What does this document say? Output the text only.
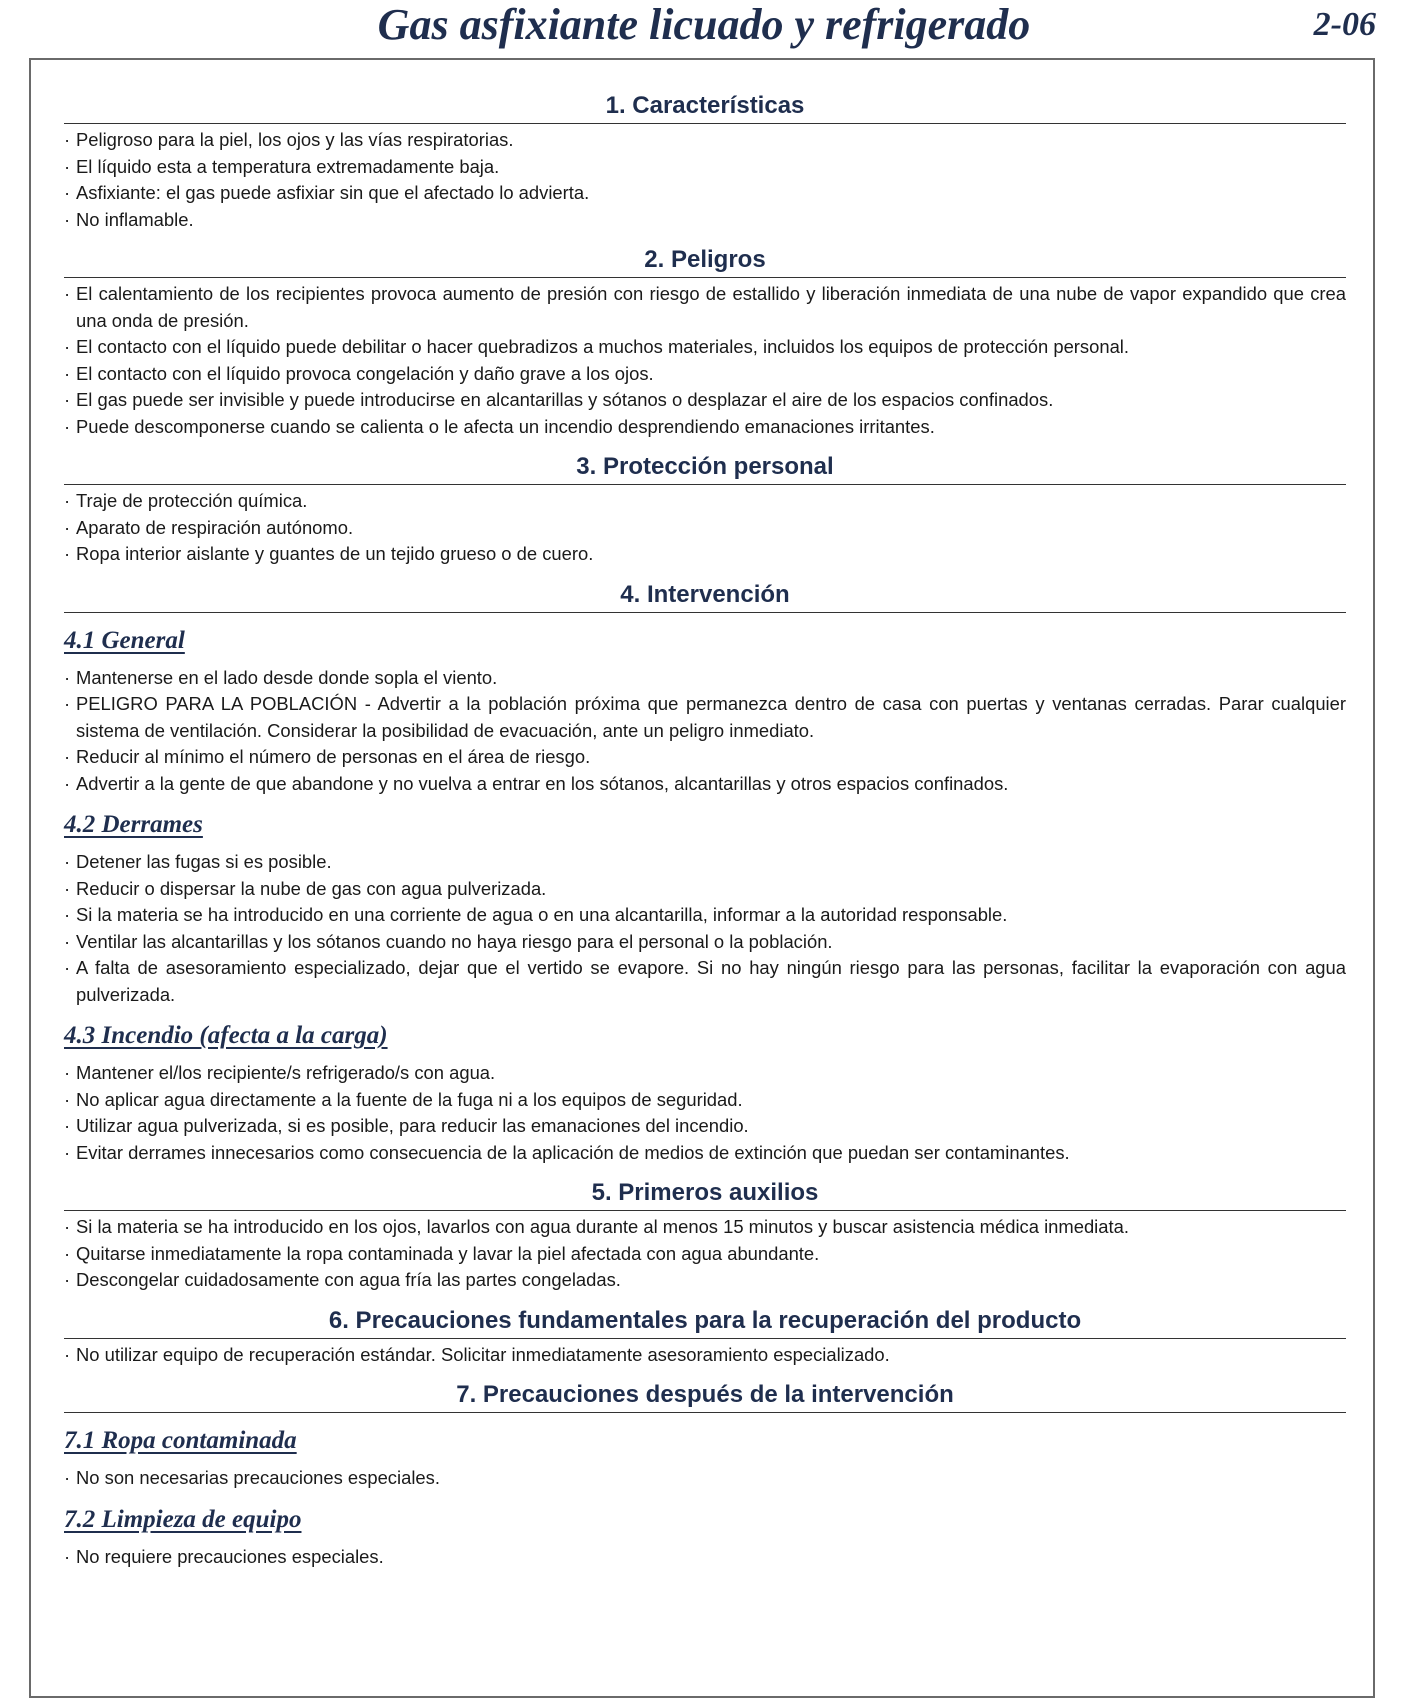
Gas asfixiante licuado y refrigerado	2-06
1. Características
· Peligroso para la piel, los ojos y las vías respiratorias.
· El líquido esta a temperatura extremadamente baja.
· Asfixiante: el gas puede asfixiar sin que el afectado lo advierta.
· No inflamable.
2. Peligros
· El calentamiento de los recipientes provoca aumento de presión con riesgo de estallido y liberación inmediata de una nube de vapor expandido que crea una onda de presión.
· El contacto con el líquido puede debilitar o hacer quebradizos a muchos materiales, incluidos los equipos de protección personal.
· El contacto con el líquido provoca congelación y daño grave a los ojos.
· El gas puede ser invisible y puede introducirse en alcantarillas y sótanos o desplazar el aire de los espacios confinados.
· Puede descomponerse cuando se calienta o le afecta un incendio desprendiendo emanaciones irritantes.
3. Protección personal
· Traje de protección química.
· Aparato de respiración autónomo.
· Ropa interior aislante y guantes de un tejido grueso o de cuero.
4. Intervención
4.1 General
· Mantenerse en el lado desde donde sopla el viento.
· PELIGRO PARA LA POBLACIÓN - Advertir a la población próxima que permanezca dentro de casa con puertas y ventanas cerradas. Parar cualquier sistema de ventilación. Considerar la posibilidad de evacuación, ante un peligro inmediato.
· Reducir al mínimo el número de personas en el área de riesgo.
· Advertir a la gente de que abandone y no vuelva a entrar en los sótanos, alcantarillas y otros espacios confinados.
4.2 Derrames
· Detener las fugas si es posible.
· Reducir o dispersar la nube de gas con agua pulverizada.
· Si la materia se ha introducido en una corriente de agua o en una alcantarilla, informar a la autoridad responsable.
· Ventilar las alcantarillas y los sótanos cuando no haya riesgo para el personal o la población.
· A falta de asesoramiento especializado, dejar que el vertido se evapore. Si no hay ningún riesgo para las personas, facilitar la evaporación con agua pulverizada.
4.3 Incendio (afecta a la carga)
· Mantener el/los recipiente/s refrigerado/s con agua.
· No aplicar agua directamente a la fuente de la fuga ni a los equipos de seguridad.
· Utilizar agua pulverizada, si es posible, para reducir las emanaciones del incendio.
· Evitar derrames innecesarios como consecuencia de la aplicación de medios de extinción que puedan ser contaminantes.
5. Primeros auxilios
· Si la materia se ha introducido en los ojos, lavarlos con agua durante al menos 15 minutos y buscar asistencia médica inmediata.
· Quitarse inmediatamente la ropa contaminada y lavar la piel afectada con agua abundante.
· Descongelar cuidadosamente con agua fría las partes congeladas.
6. Precauciones fundamentales para la recuperación del producto
· No utilizar equipo de recuperación estándar. Solicitar inmediatamente asesoramiento especializado.
7. Precauciones después de la intervención
7.1 Ropa contaminada
· No son necesarias precauciones especiales.
7.2 Limpieza de equipo
· No requiere precauciones especiales.
